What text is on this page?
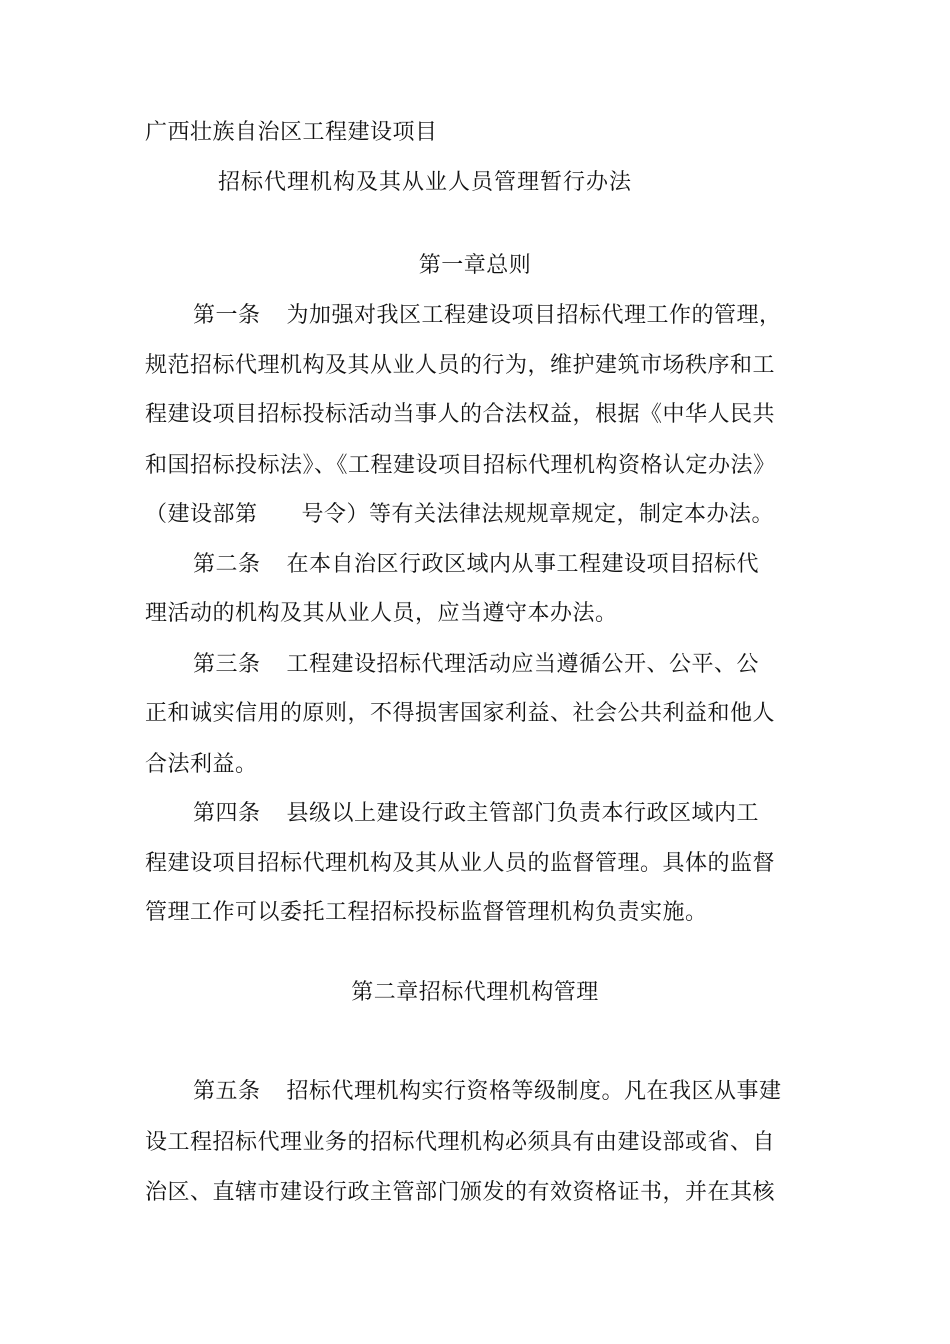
广西壮族自治区工程建设项目
招标代理机构及其从业人员管理暂行办法
第一章总则
第一条 为加强对我区工程建设项目招标代理工作的管理，
规范招标代理机构及其从业人员的行为，维护建筑市场秩序和工
程建设项目招标投标活动当事人的合法权益，根据《中华人民共
和国招标投标法》、《工程建设项目招标代理机构资格认定办法》
（建设部第 号令）等有关法律法规规章规定，制定本办法。
第二条 在本自治区行政区域内从事工程建设项目招标代
理活动的机构及其从业人员，应当遵守本办法。
第三条 工程建设招标代理活动应当遵循公开、公平、公
正和诚实信用的原则，不得损害国家利益、社会公共利益和他人
合法利益。
第四条 县级以上建设行政主管部门负责本行政区域内工
程建设项目招标代理机构及其从业人员的监督管理。具体的监督
管理工作可以委托工程招标投标监督管理机构负责实施。
第二章招标代理机构管理
第五条 招标代理机构实行资格等级制度。凡在我区从事建
设工程招标代理业务的招标代理机构必须具有由建设部或省、自
治区、直辖市建设行政主管部门颁发的有效资格证书，并在其核
